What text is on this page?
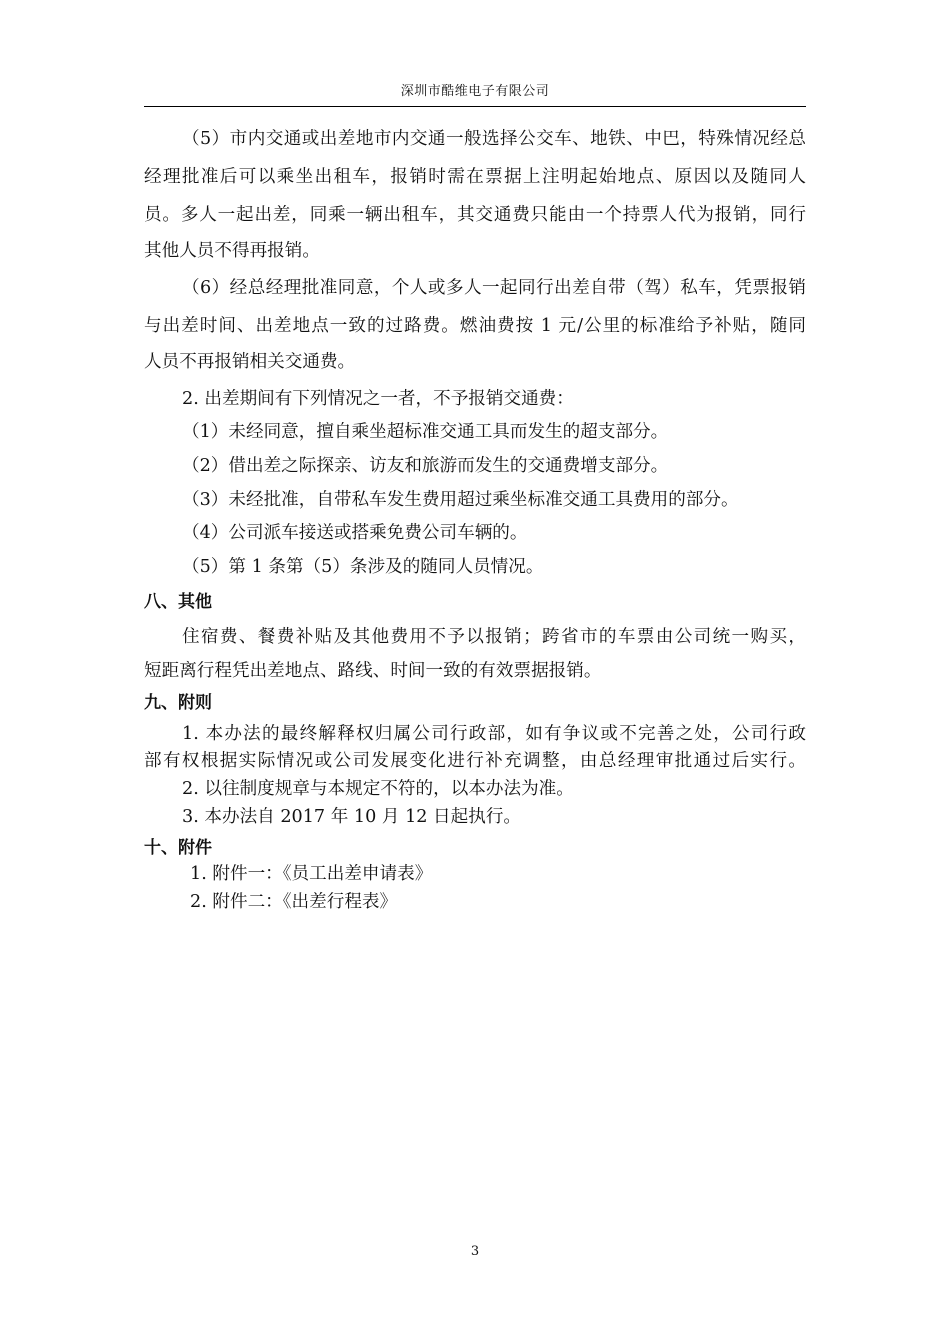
深圳市酷维电子有限公司
（5）市内交通或出差地市内交通一般选择公交车、地铁、中巴，特殊情况经总
经理批准后可以乘坐出租车，报销时需在票据上注明起始地点、原因以及随同人
员。多人一起出差，同乘一辆出租车，其交通费只能由一个持票人代为报销，同行
其他人员不得再报销。
（6）经总经理批准同意，个人或多人一起同行出差自带（驾）私车，凭票报销
与出差时间、出差地点一致的过路费。燃油费按 1 元/公里的标准给予补贴，随同
人员不再报销相关交通费。
2. 出差期间有下列情况之一者，不予报销交通费：
（1）未经同意，擅自乘坐超标准交通工具而发生的超支部分。
（2）借出差之际探亲、访友和旅游而发生的交通费增支部分。
（3）未经批准，自带私车发生费用超过乘坐标准交通工具费用的部分。
（4）公司派车接送或搭乘免费公司车辆的。
（5）第 1 条第（5）条涉及的随同人员情况。
八、其他
住宿费、餐费补贴及其他费用不予以报销；跨省市的车票由公司统一购买，
短距离行程凭出差地点、路线、时间一致的有效票据报销。
九、附则
1. 本办法的最终解释权归属公司行政部，如有争议或不完善之处，公司行政
部有权根据实际情况或公司发展变化进行补充调整，由总经理审批通过后实行。
2. 以往制度规章与本规定不符的，以本办法为准。
3. 本办法自 2017 年 10 月 12 日起执行。
十、附件
1. 附件一：《员工出差申请表》
2. 附件二：《出差行程表》
3
